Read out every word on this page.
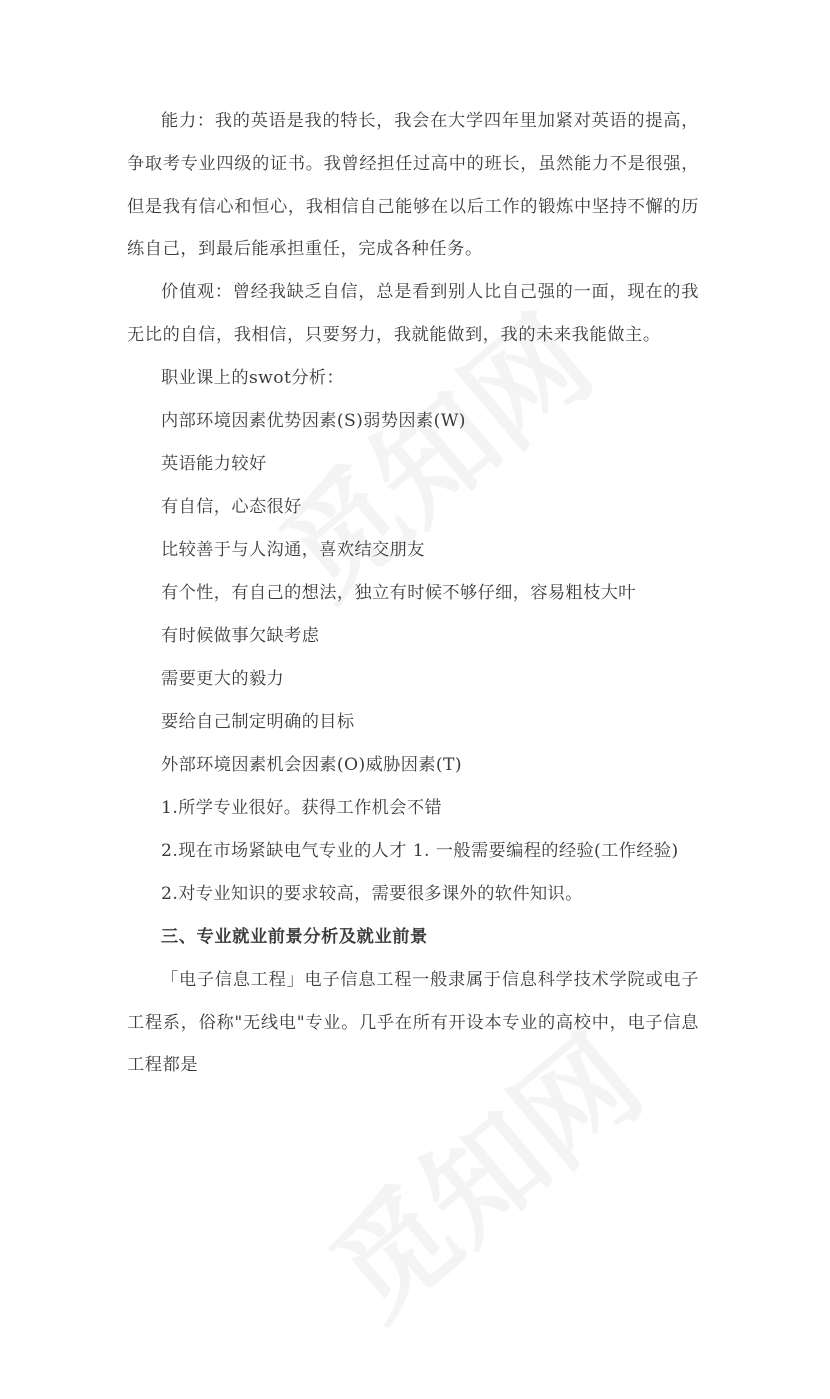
能力：我的英语是我的特长，我会在大学四年里加紧对英语的提高，争取考专业四级的证书。我曾经担任过高中的班长，虽然能力不是很强，但是我有信心和恒心，我相信自己能够在以后工作的锻炼中坚持不懈的历练自己，到最后能承担重任，完成各种任务。

价值观：曾经我缺乏自信，总是看到别人比自己强的一面，现在的我无比的自信，我相信，只要努力，我就能做到，我的未来我能做主。

职业课上的swot分析：

内部环境因素优势因素(S)弱势因素(W)

英语能力较好

有自信，心态很好

比较善于与人沟通，喜欢结交朋友

有个性，有自己的想法，独立有时候不够仔细，容易粗枝大叶

有时候做事欠缺考虑

需要更大的毅力

要给自己制定明确的目标

外部环境因素机会因素(O)威胁因素(T)

1.所学专业很好。获得工作机会不错

2.现在市场紧缺电气专业的人才 1. 一般需要编程的经验(工作经验)

2.对专业知识的要求较高，需要很多课外的软件知识。

三、专业就业前景分析及就业前景

「电子信息工程」电子信息工程一般隶属于信息科学技术学院或电子工程系，俗称"无线电"专业。几乎在所有开设本专业的高校中，电子信息工程都是
